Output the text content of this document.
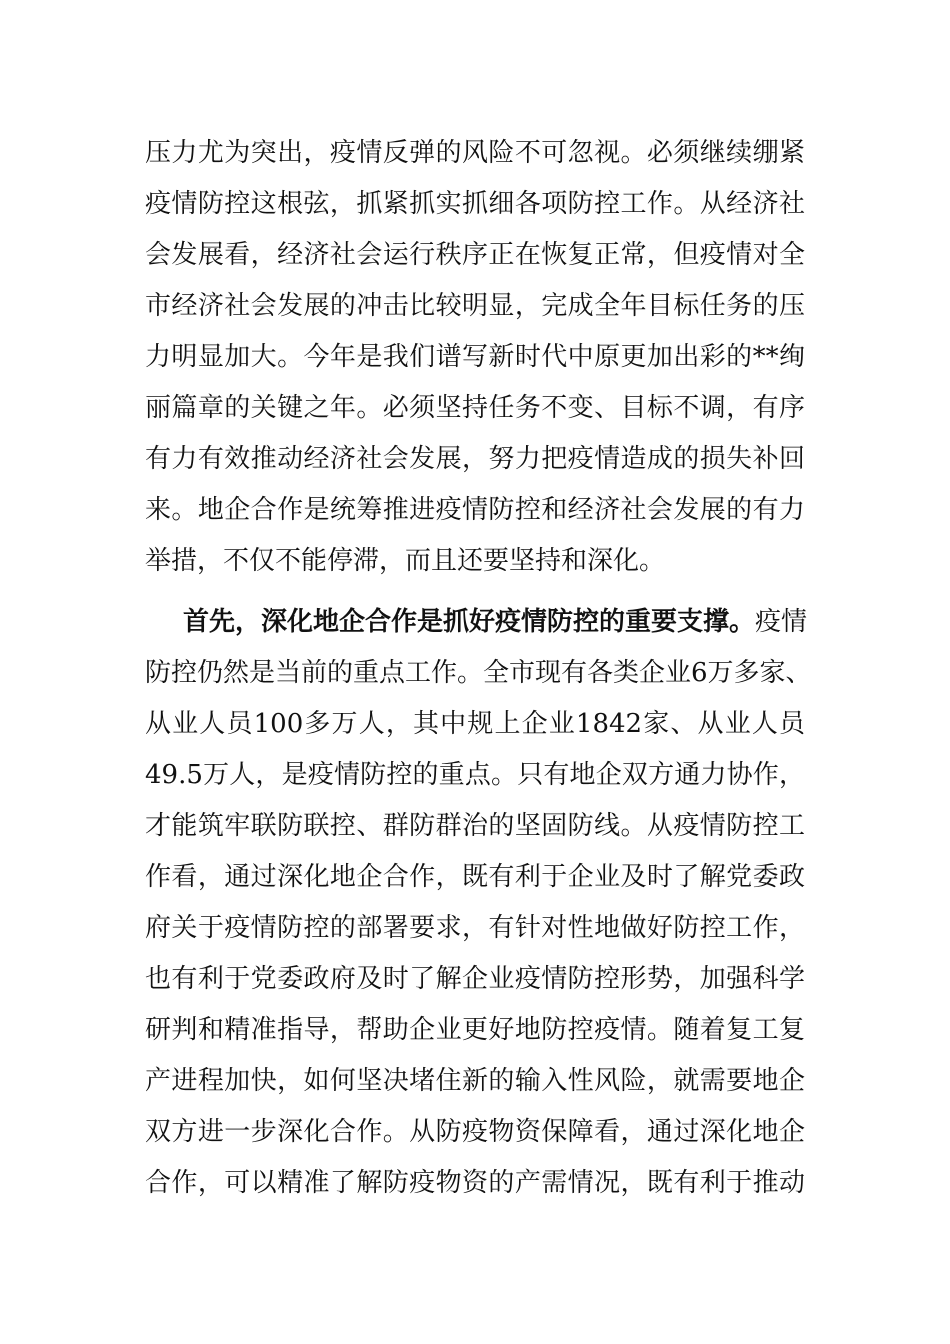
压力尤为突出，疫情反弹的风险不可忽视。必须继续绷紧
疫情防控这根弦，抓紧抓实抓细各项防控工作。从经济社
会发展看，经济社会运行秩序正在恢复正常，但疫情对全
市经济社会发展的冲击比较明显，完成全年目标任务的压
力明显加大。今年是我们谱写新时代中原更加出彩的**绚
丽篇章的关键之年。必须坚持任务不变、目标不调，有序
有力有效推动经济社会发展，努力把疫情造成的损失补回
来。地企合作是统筹推进疫情防控和经济社会发展的有力
举措，不仅不能停滞，而且还要坚持和深化。
首先，深化地企合作是抓好疫情防控的重要支撑。疫情
防控仍然是当前的重点工作。全市现有各类企业6万多家、
从业人员100多万人，其中规上企业1842家、从业人员
49.5万人，是疫情防控的重点。只有地企双方通力协作，
才能筑牢联防联控、群防群治的坚固防线。从疫情防控工
作看，通过深化地企合作，既有利于企业及时了解党委政
府关于疫情防控的部署要求，有针对性地做好防控工作，
也有利于党委政府及时了解企业疫情防控形势，加强科学
研判和精准指导，帮助企业更好地防控疫情。随着复工复
产进程加快，如何坚决堵住新的输入性风险，就需要地企
双方进一步深化合作。从防疫物资保障看，通过深化地企
合作，可以精准了解防疫物资的产需情况，既有利于推动
